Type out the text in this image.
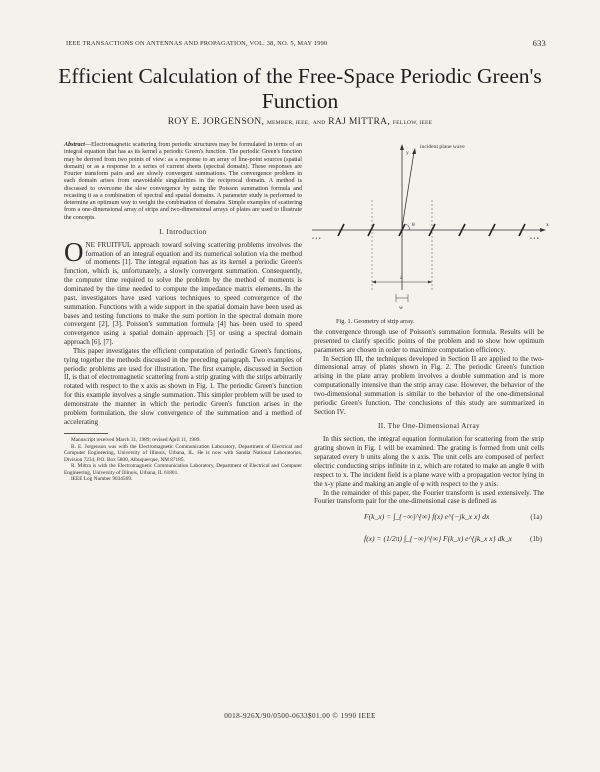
IEEE TRANSACTIONS ON ANTENNAS AND PROPAGATION, VOL. 38, NO. 5, MAY 1990	633
Efficient Calculation of the Free-Space Periodic Green's Function
ROY E. JORGENSON, MEMBER, IEEE, AND RAJ MITTRA, FELLOW, IEEE

Abstract—Electromagnetic scattering from periodic structures may be formulated in terms of an integral equation that has as its kernel a periodic Green's function. The periodic Green's function may be derived from two points of view: as a response to an array of line-point sources (spatial domain) or as a response to a series of current sheets (spectral domain). These responses are Fourier transform pairs and are slowly convergent summations. The convergence problem in each domain arises from unavoidable singularities in the reciprocal domain. A method is discussed to overcome the slow convergence by using the Poisson summation formula and recasting it as a combination of spectral and spatial domains. A parameter study is performed to determine an optimum way to weight the combination of domains. Simple examples of scattering from a one-dimensional array of strips and two-dimensional arrays of plates are used to illustrate the concepts.

I. Introduction

ONE FRUITFUL approach toward solving scattering problems involves the formation of an integral equation and its numerical solution via the method of moments [1]. The integral equation has as its kernel a periodic Green's function, which is, unfortunately, a slowly convergent summation. Consequently, the computer time required to solve the problem by the method of moments is dominated by the time needed to compute the impedance matrix elements. In the past, investigators have used various techniques to speed convergence of the summation. Functions with a wide support in the spatial domain have been used as bases and testing functions to make the sum portion in the spectral domain more convergent [2], [3]. Poisson's summation formula [4] has been used to speed convergence using a spatial domain approach [5] or using a spectral domain approach [6], [7].

This paper investigates the efficient computation of periodic Green's functions, tying together the methods discussed in the preceding paragraph. Two examples of periodic problems are used for illustration. The first example, discussed in Section II, is that of electromagnetic scattering from a strip grating with the strips arbitrarily rotated with respect to the x axis as shown in Fig. 1. The periodic Green's function for this example involves a single summation. This simpler problem will be used to demonstrate the manner in which the periodic Green's function arises in the problem formulation, the slow convergence of the summation and a method of accelerating

Manuscript received March 31, 1989; revised April 11, 1989.

R. E. Jorgenson was with the Electromagnetic Communication Laboratory, Department of Electrical and Computer Engineering, University of Illinois, Urbana, IL. He is now with Sandia National Laboratories, Division 7234, P.O. Box 5800, Albuquerque, NM 87185.

R. Mittra is with the Electromagnetic Communication Laboratory, Department of Electrical and Computer Engineering, University of Illinois, Urbana, IL 61801.

IEEE Log Number 9034569.

y
x
incident plane wave
• • •	• • •
a
w
θ
Fig. 1. Geometry of strip array.

the convergence through use of Poisson's summation formula. Results will be presented to clarify specific points of the problem and to show how optimum parameters are chosen in order to maximize computation efficiency.

In Section III, the techniques developed in Section II are applied to the two-dimensional array of plates shown in Fig. 2. The periodic Green's function arising in the plate array problem involves a double summation and is more computationally intensive than the strip array case. However, the behavior of the two-dimensional summation is similar to the behavior of the one-dimensional periodic Green's function. The conclusions of this study are summarized in Section IV.

II. The One-Dimensional Array

In this section, the integral equation formulation for scattering from the strip grating shown in Fig. 1 will be examined. The grating is formed from unit cells separated every b units along the x axis. The unit cells are composed of perfect electric conducting strips infinite in z, which are rotated to make an angle θ with respect to x. The incident field is a plane wave with a propagation vector lying in the x-y plane and making an angle of φ with respect to the y axis.

In the remainder of this paper, the Fourier transform is used extensively. The Fourier transform pair for the one-dimensional case is defined as

F(k_x) = ∫_{−∞}^{∞} f(x) e^{−jk_x x} dx	(1a)
f(x) = (1/2π) ∫_{−∞}^{∞} F(k_x) e^{jk_x x} dk_x	(1b)
0018-926X/90/0500-0633$01.00 © 1990 IEEE
